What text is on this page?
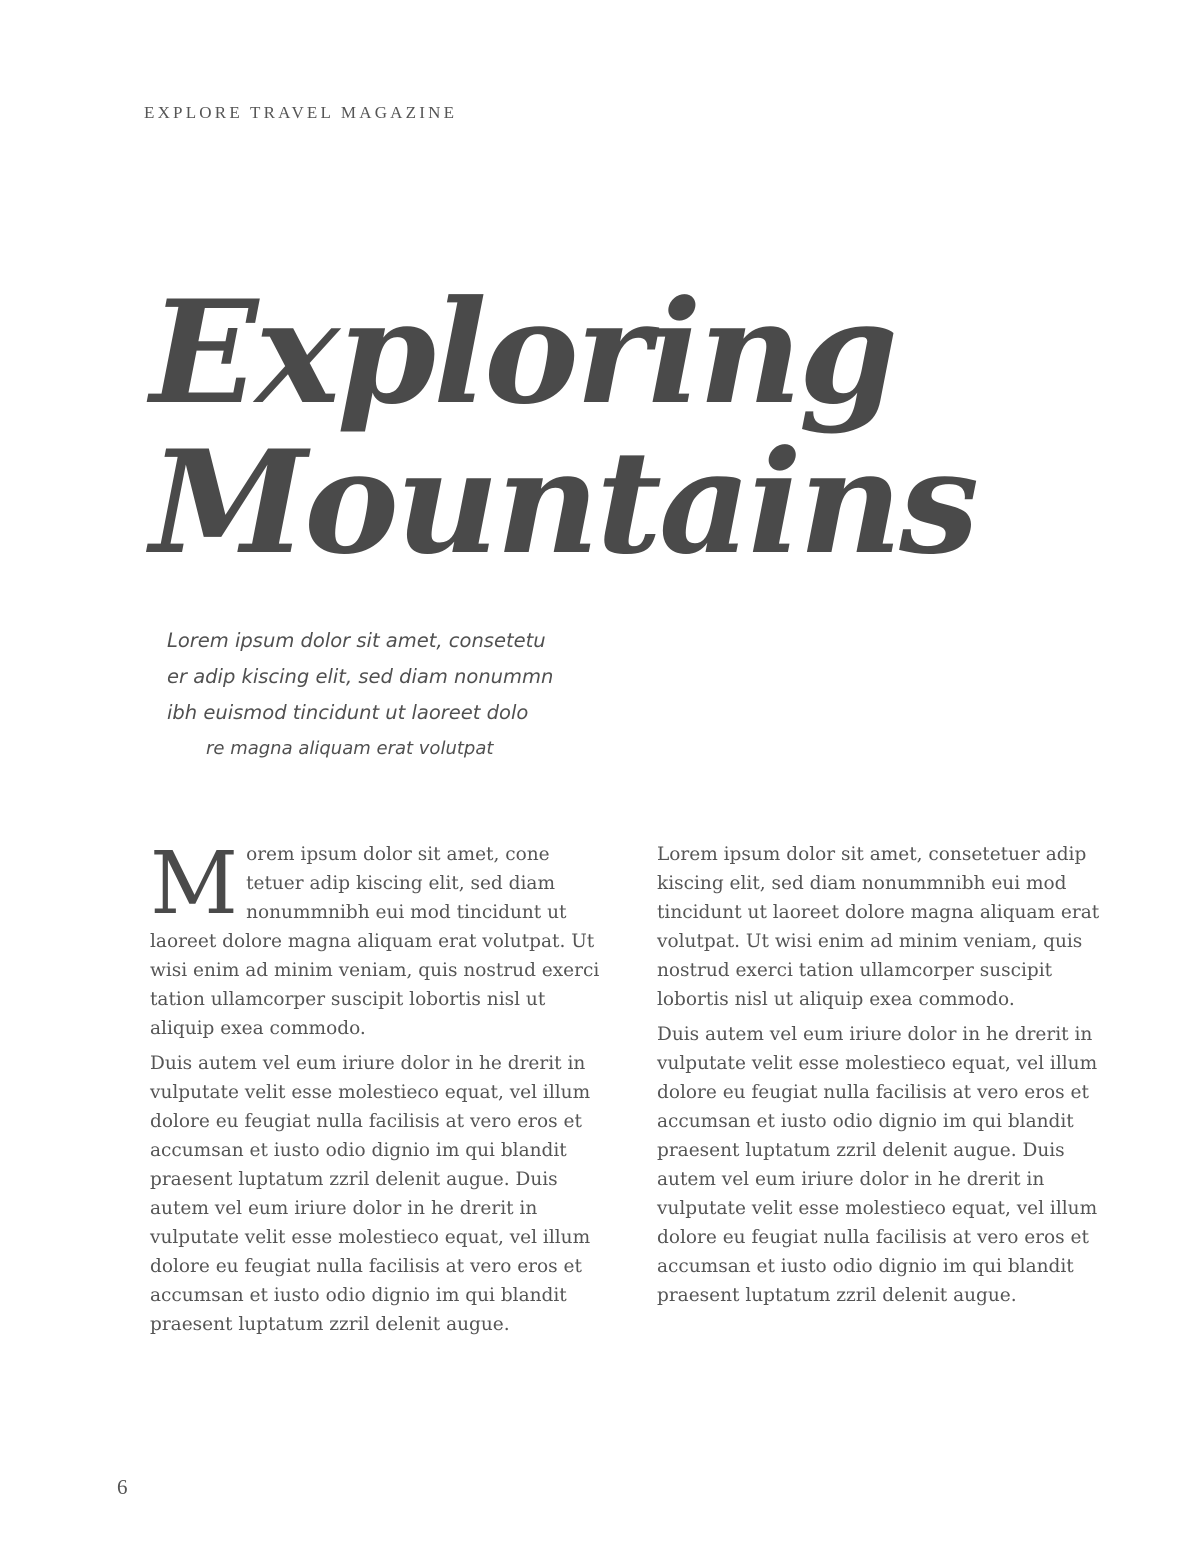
EXPLORE TRAVEL MAGAZINE
Exploring
Mountains
Lorem ipsum dolor sit amet, consetetu
er adip kiscing elit, sed diam nonummn
ibh euismod tincidunt ut laoreet dolo
re magna aliquam erat volutpat

Morem ipsum dolor sit amet, cone tetuer adip kiscing elit, sed diam nonummnibh eui mod tincidunt ut laoreet dolore magna aliquam erat volutpat. Ut wisi enim ad minim veniam, quis nostrud exerci tation ullamcorper suscipit lobortis nisl ut aliquip exea commodo.

Duis autem vel eum iriure dolor in he drerit in vulputate velit esse molestieco equat, vel illum dolore eu feugiat nulla facilisis at vero eros et accumsan et iusto odio dignio im qui blandit praesent luptatum zzril delenit augue. Duis autem vel eum iriure dolor in he drerit in vulputate velit esse molestieco equat, vel illum dolore eu feugiat nulla facilisis at vero eros et accumsan et iusto odio dignio im qui blandit praesent luptatum zzril delenit augue.

Lorem ipsum dolor sit amet, consetetuer adip kiscing elit, sed diam nonummnibh eui mod tincidunt ut laoreet dolore magna aliquam erat volutpat. Ut wisi enim ad minim veniam, quis nostrud exerci tation ullamcorper suscipit lobortis nisl ut aliquip exea commodo.

Duis autem vel eum iriure dolor in he drerit in vulputate velit esse molestieco equat, vel illum dolore eu feugiat nulla facilisis at vero eros et accumsan et iusto odio dignio im qui blandit praesent luptatum zzril delenit augue. Duis autem vel eum iriure dolor in he drerit in vulputate velit esse molestieco equat, vel illum dolore eu feugiat nulla facilisis at vero eros et accumsan et iusto odio dignio im qui blandit praesent luptatum zzril delenit augue.

6
